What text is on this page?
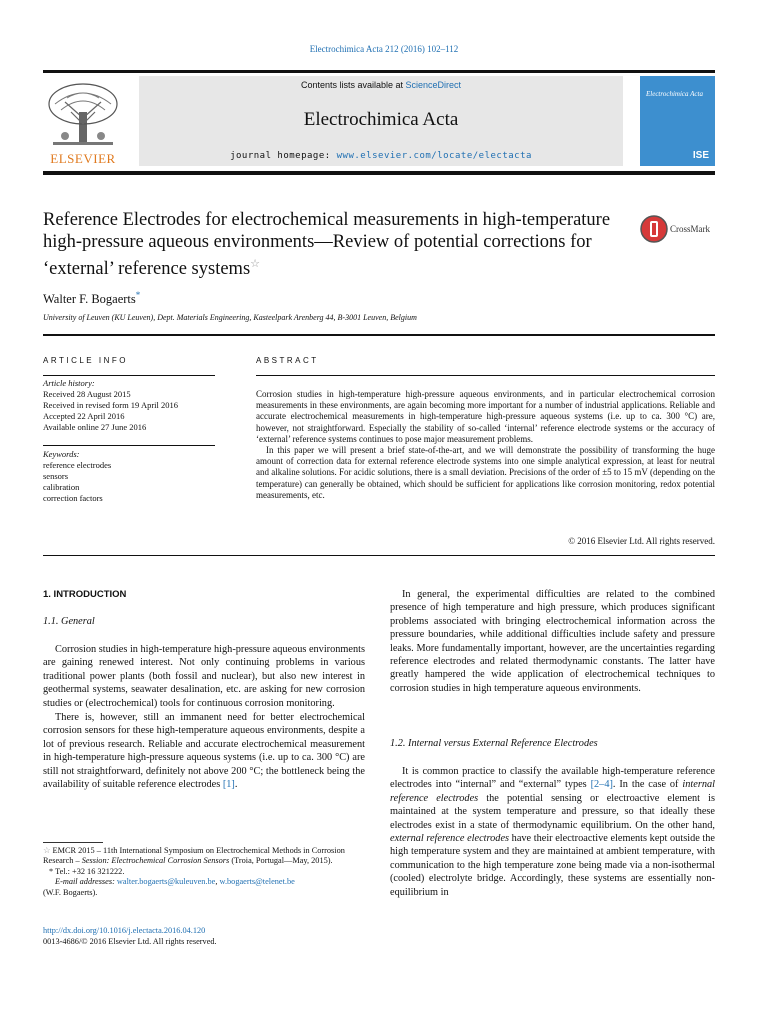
Electrochimica Acta 212 (2016) 102–112
ELSEVIER
Contents lists available at ScienceDirect
Electrochimica Acta
journal homepage: www.elsevier.com/locate/electacta
Electrochimica Acta
ISE
Reference Electrodes for electrochemical measurements in high-temperature high-pressure aqueous environments—Review of potential corrections for ‘external’ reference systems☆
CrossMark
Walter F. Bogaerts*
University of Leuven (KU Leuven), Dept. Materials Engineering, Kasteelpark Arenberg 44, B-3001 Leuven, Belgium
ARTICLE INFO	ABSTRACT
Article history:
Received 28 August 2015
Received in revised form 19 April 2016
Accepted 22 April 2016
Available online 27 June 2016
Keywords:
reference electrodes
sensors
calibration
correction factors

Corrosion studies in high-temperature high-pressure aqueous environments, and in particular electrochemical corrosion measurements in these environments, are again becoming more important for a number of industrial applications. Reliable and accurate electrochemical measurements in high-temperature high-pressure aqueous systems (i.e. up to ca. 300 °C) are, however, not straightforward. Especially the stability of so-called ‘internal’ reference electrode systems or the accuracy of ‘external’ reference systems continues to pose major measurement problems.

In this paper we will present a brief state-of-the-art, and we will demonstrate the possibility of transforming the huge amount of correction data for external reference electrode systems into one simple analytical expression, at least for neutral and alkaline solutions. For acidic solutions, there is a small deviation. Precisions of the order of ±5 to 15 mV (depending on the temperature) can generally be obtained, which should be sufficient for applications like corrosion monitoring, redox potential measurements, etc.

© 2016 Elsevier Ltd. All rights reserved.
1. INTRODUCTION
1.1. General

Corrosion studies in high-temperature high-pressure aqueous environments are gaining renewed interest. Not only continuing problems in various traditional power plants (both fossil and nuclear), but also new interest in geothermal systems, seawater desalination, etc. are asking for new corrosion studies or (electrochemical) tools for continuous corrosion monitoring.

There is, however, still an immanent need for better electrochemical corrosion sensors for these high-temperature aqueous environments, despite a lot of previous research. Reliable and accurate electrochemical measurement in high-temperature high-pressure aqueous systems (i.e. up to ca. 300 °C) are still not straightforward, definitely not above 200 °C; the bottleneck being the availability of suitable reference electrodes [1].

☆ EMCR 2015 – 11th International Symposium on Electrochemical Methods in Corrosion Research – Session: Electrochemical Corrosion Sensors (Troia, Portugal—May, 2015).
* Tel.: +32 16 321222.
E-mail addresses: walter.bogaerts@kuleuven.be, w.bogaerts@telenet.be
(W.F. Bogaerts).
http://dx.doi.org/10.1016/j.electacta.2016.04.120
0013-4686/© 2016 Elsevier Ltd. All rights reserved.

In general, the experimental difficulties are related to the combined presence of high temperature and high pressure, which produces significant problems associated with bringing electrochemical information across the pressure boundaries, while additional difficulties include safety and pressure leaks. More fundamentally important, however, are the uncertainties regarding reference electrodes and related thermodynamic constants. The latter have greatly hampered the wide application of electrochemical techniques to corrosion studies in high temperature aqueous environments.

1.2. Internal versus External Reference Electrodes

It is common practice to classify the available high-temperature reference electrodes into “internal” and “external” types [2–4]. In the case of internal reference electrodes the potential sensing or electroactive element is maintained at the system temperature and pressure, so that ideally these electrodes exist in a state of thermodynamic equilibrium. On the other hand, external reference electrodes have their electroactive elements kept outside the high temperature system and they are maintained at ambient temperature, with communication to the high temperature zone being made via a non-isothermal (cooled) electrolyte bridge. Accordingly, these systems are essentially non-equilibrium in
